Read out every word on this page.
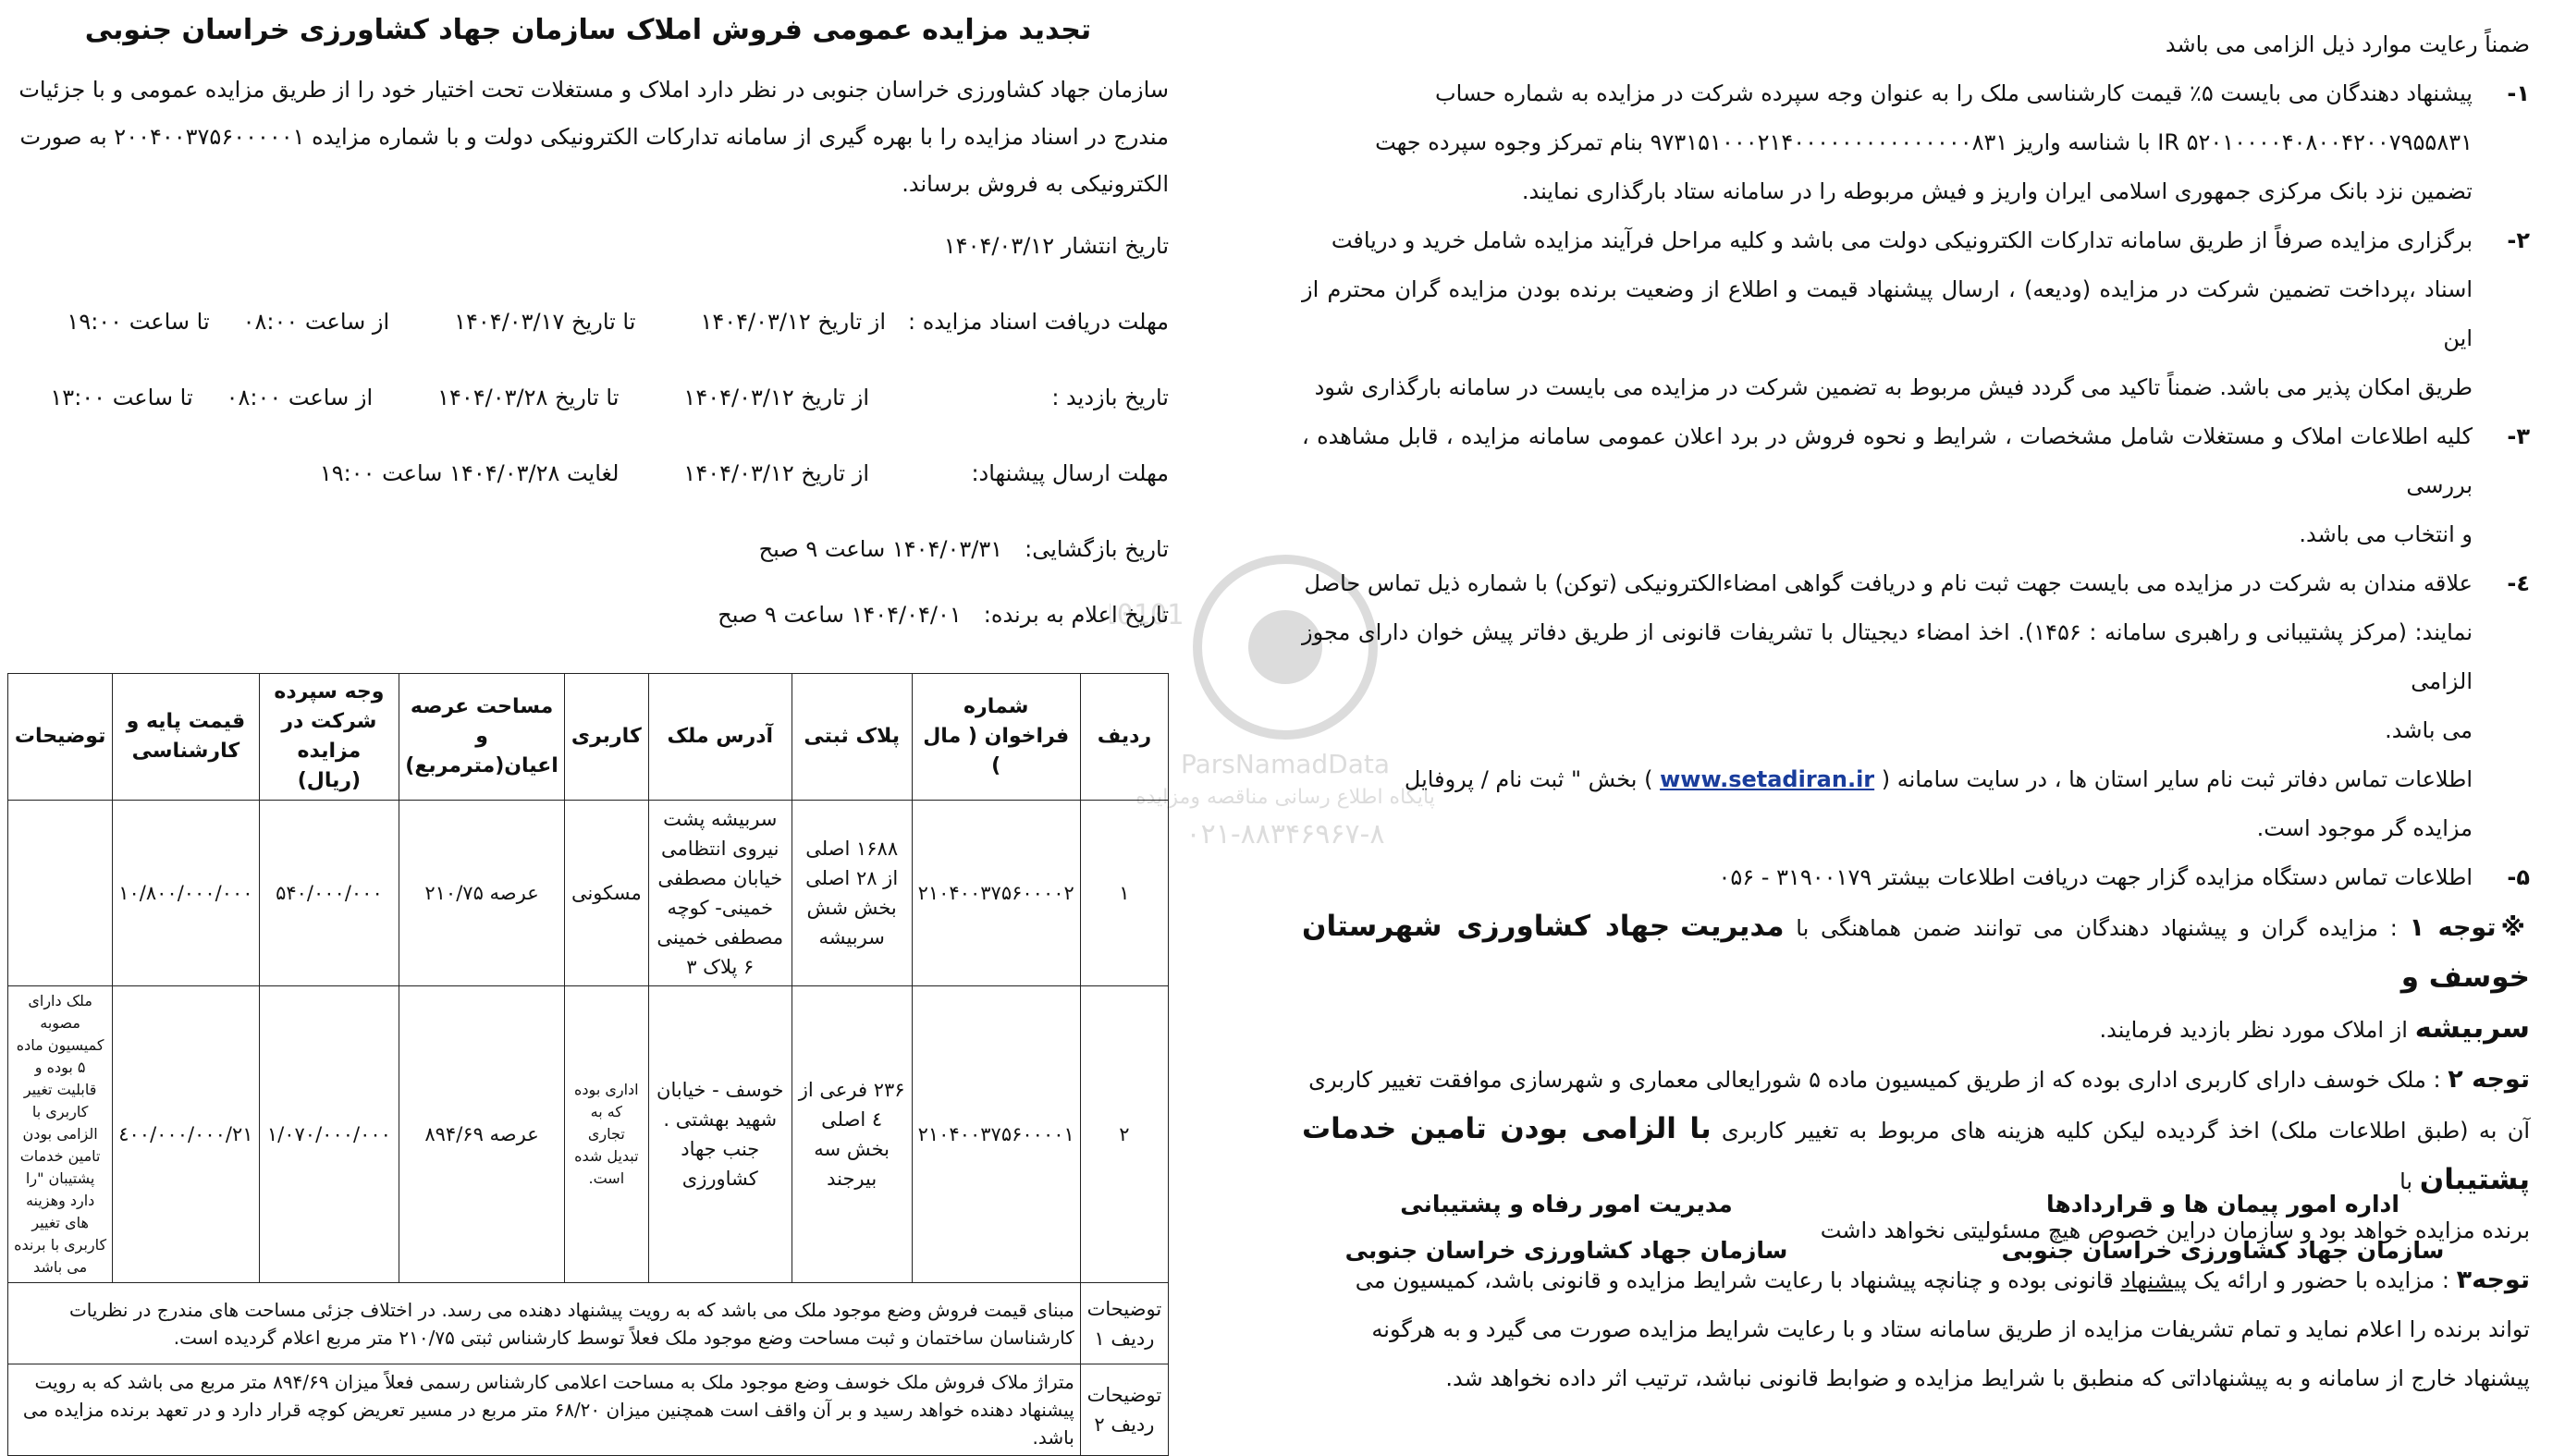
0101
ParsNamadData
پایگاه اطلاع رسانی مناقصه ومزایده
۰۲۱-۸۸۳۴۶۹۶۷-۸

ضمناً رعایت موارد ذیل الزامی می باشد

۱-
پیشنهاد دهندگان می بایست ۵٪ قیمت کارشناسی ملک را به عنوان وجه سپرده شرکت در مزایده به شماره حساب
IR ۵۲۰۱۰۰۰۰۴۰۸۰۰۴۲۰۰۷۹۵۵۸۳۱ با شناسه واریز ۹۷۳۱۵۱۰۰۰۲۱۴۰۰۰۰۰۰۰۰۰۰۰۰۰۰۰۸۳۱ بنام تمرکز وجوه سپرده جهت
تضمین نزد بانک مرکزی جمهوری اسلامی ایران واریز و فیش مربوطه را در سامانه ستاد بارگذاری نمایند.
۲-
برگزاری مزایده صرفاً از طریق سامانه تدارکات الکترونیکی دولت می باشد و کلیه مراحل فرآیند مزایده شامل خرید و دریافت
اسناد ،پرداخت تضمین شرکت در مزایده (ودیعه) ، ارسال پیشنهاد قیمت و اطلاع از وضعیت برنده بودن مزایده گران محترم از این
طریق امکان پذیر می باشد. ضمناً تاکید می گردد فیش مربوط به تضمین شرکت در مزایده می بایست در سامانه بارگذاری شود
۳-
کلیه اطلاعات املاک و مستغلات شامل مشخصات ، شرایط و نحوه فروش در برد اعلان عمومی سامانه مزایده ، قابل مشاهده ، بررسی
و انتخاب می باشد.
٤-
علاقه مندان به شرکت در مزایده می بایست جهت ثبت نام و دریافت گواهی امضاءالکترونیکی (توکن) با شماره ذیل تماس حاصل
نمایند: (مرکز پشتیبانی و راهبری سامانه : ۱۴۵۶). اخذ امضاء دیجیتال با تشریفات قانونی از طریق دفاتر پیش خوان دارای مجوز الزامی
می باشد.
اطلاعات تماس دفاتر ثبت نام سایر استان ها ، در سایت سامانه ( www.setadiran.ir ) بخش " ثبت نام / پروفایل
مزایده گر موجود است.
۵-
اطلاعات تماس دستگاه مزایده گزار جهت دریافت اطلاعات بیشتر ۳۱۹۰۰۱۷۹ - ۰۵۶

※توجه ۱ : مزایده گران و پیشنهاد دهندگان می توانند ضمن هماهنگی با مدیریت جهاد کشاورزی شهرستان خوسف و
سربیشه از املاک مورد نظر بازدید فرمایند.

توجه ۲ : ملک خوسف دارای کاربری اداری بوده که از طریق کمیسیون ماده ۵ شورایعالی معماری و شهرسازی موافقت تغییر کاربری
آن به (طبق اطلاعات ملک) اخذ گردیده لیکن کلیه هزینه های مربوط به تغییر کاربری با الزامی بودن تامین خدمات پشتیبان با
برنده مزایده خواهد بود و سازمان دراین خصوص هیچ مسئولیتی نخواهد داشت

توجه۳ : مزایده با حضور و ارائه یک پیشنهاد قانونی بوده و چنانچه پیشنهاد با رعایت شرایط مزایده و قانونی باشد، کمیسیون می
تواند برنده را اعلام نماید و تمام تشریفات مزایده از طریق سامانه ستاد و با رعایت شرایط مزایده صورت می گیرد و به هرگونه
پیشنهاد خارج از سامانه و به پیشنهاداتی که منطبق با شرایط مزایده و ضوابط قانونی نباشد، ترتیب اثر داده نخواهد شد.

اداره امور پیمان ها و قراردادها
سازمان جهاد کشاورزی خراسان جنوبی
مدیریت امور رفاه و پشتیبانی
سازمان جهاد کشاورزی خراسان جنوبی
تجدید مزایده عمومی فروش املاک سازمان جهاد کشاورزی خراسان جنوبی

سازمان جهاد کشاورزی خراسان جنوبی در نظر دارد املاک و مستغلات تحت اختیار خود را از طریق مزایده عمومی و با جزئیات
مندرج در اسناد مزایده را با بهره گیری از سامانه تدارکات الکترونیکی دولت و با شماره مزایده ۲۰۰۴۰۰۳۷۵۶۰۰۰۰۰۱ به صورت
الکترونیکی به فروش برساند.

تاریخ انتشار ۱۴۰۴/۰۳/۱۲
مهلت دریافت اسناد مزایده :
از تاریخ ۱۴۰۴/۰۳/۱۲
تا تاریخ ۱۴۰۴/۰۳/۱۷
از ساعت ۰۸:۰۰
تا ساعت ۱۹:۰۰
تاریخ بازدید :
از تاریخ ۱۴۰۴/۰۳/۱۲
تا تاریخ ۱۴۰۴/۰۳/۲۸
از ساعت ۰۸:۰۰
تا ساعت ۱۳:۰۰
مهلت ارسال پیشنهاد:
از تاریخ ۱۴۰۴/۰۳/۱۲
لغایت ۱۴۰۴/۰۳/۲۸ ساعت ۱۹:۰۰
تاریخ بازگشایی:
۱۴۰۴/۰۳/۳۱ ساعت ۹ صبح
تاریخ اعلام به برنده:
۱۴۰۴/۰۴/۰۱ ساعت ۹ صبح
ردیف	شماره فراخوان ( مال )	پلاک ثبتی	آدرس ملک	کاربری	مساحت عرصه و اعیان(مترمربع)	وجه سپرده شرکت در مزایده (ریال)	قیمت پایه و کارشناسی	توضیحات
۱	۲۱۰۴۰۰۳۷۵۶۰۰۰۰۲	۱۶۸۸ اصلی از ۲۸ اصلی بخش شش سربیشه	سربیشه پشت نیروی انتظامی خیابان مصطفی خمینی- کوچه مصطفی خمینی ۶ پلاک ۳	مسکونی	عرصه ۲۱۰/۷۵	۵۴۰/۰۰۰/۰۰۰	۱۰/۸۰۰/۰۰۰/۰۰۰	
۲	۲۱۰۴۰۰۳۷۵۶۰۰۰۰۱	۲۳۶ فرعی از ٤ اصلی بخش سه بیرجند	خوسف - خیابان شهید بهشتی . جنب جهاد کشاورزی	اداری بوده که به تجاری تبدیل شده است.	عرصه ۸۹۴/۶۹	۱/۰۷۰/۰۰۰/۰۰۰	۲۱/٤۰۰/۰۰۰/۰۰۰	ملک دارای مصوبه کمیسیون ماده ۵ بوده و قابلیت تغییر کاربری با الزامی بودن تامین خدمات پشتیبان "را دارد وهزینه های تغییر کاربری با برنده می باشد
توضیحات ردیف ۱	مبنای قیمت فروش وضع موجود ملک می باشد که به رویت پیشنهاد دهنده می رسد. در اختلاف جزئی مساحت های مندرج در نظریات کارشناسان ساختمان و ثبت مساحت وضع موجود ملک فعلاً توسط کارشناس ثبتی ۲۱۰/۷۵ متر مربع اعلام گردیده است.							
توضیحات ردیف ۲	متراژ ملاک فروش ملک خوسف وضع موجود ملک به مساحت اعلامی کارشناس رسمی فعلاً میزان ۸۹۴/۶۹ متر مربع می باشد که به رویت پیشنهاد دهنده خواهد رسید و بر آن واقف است همچنین میزان ۶۸/۲۰ متر مربع در مسیر تعریض کوچه قرار دارد و در تعهد برنده مزایده می باشد.							
